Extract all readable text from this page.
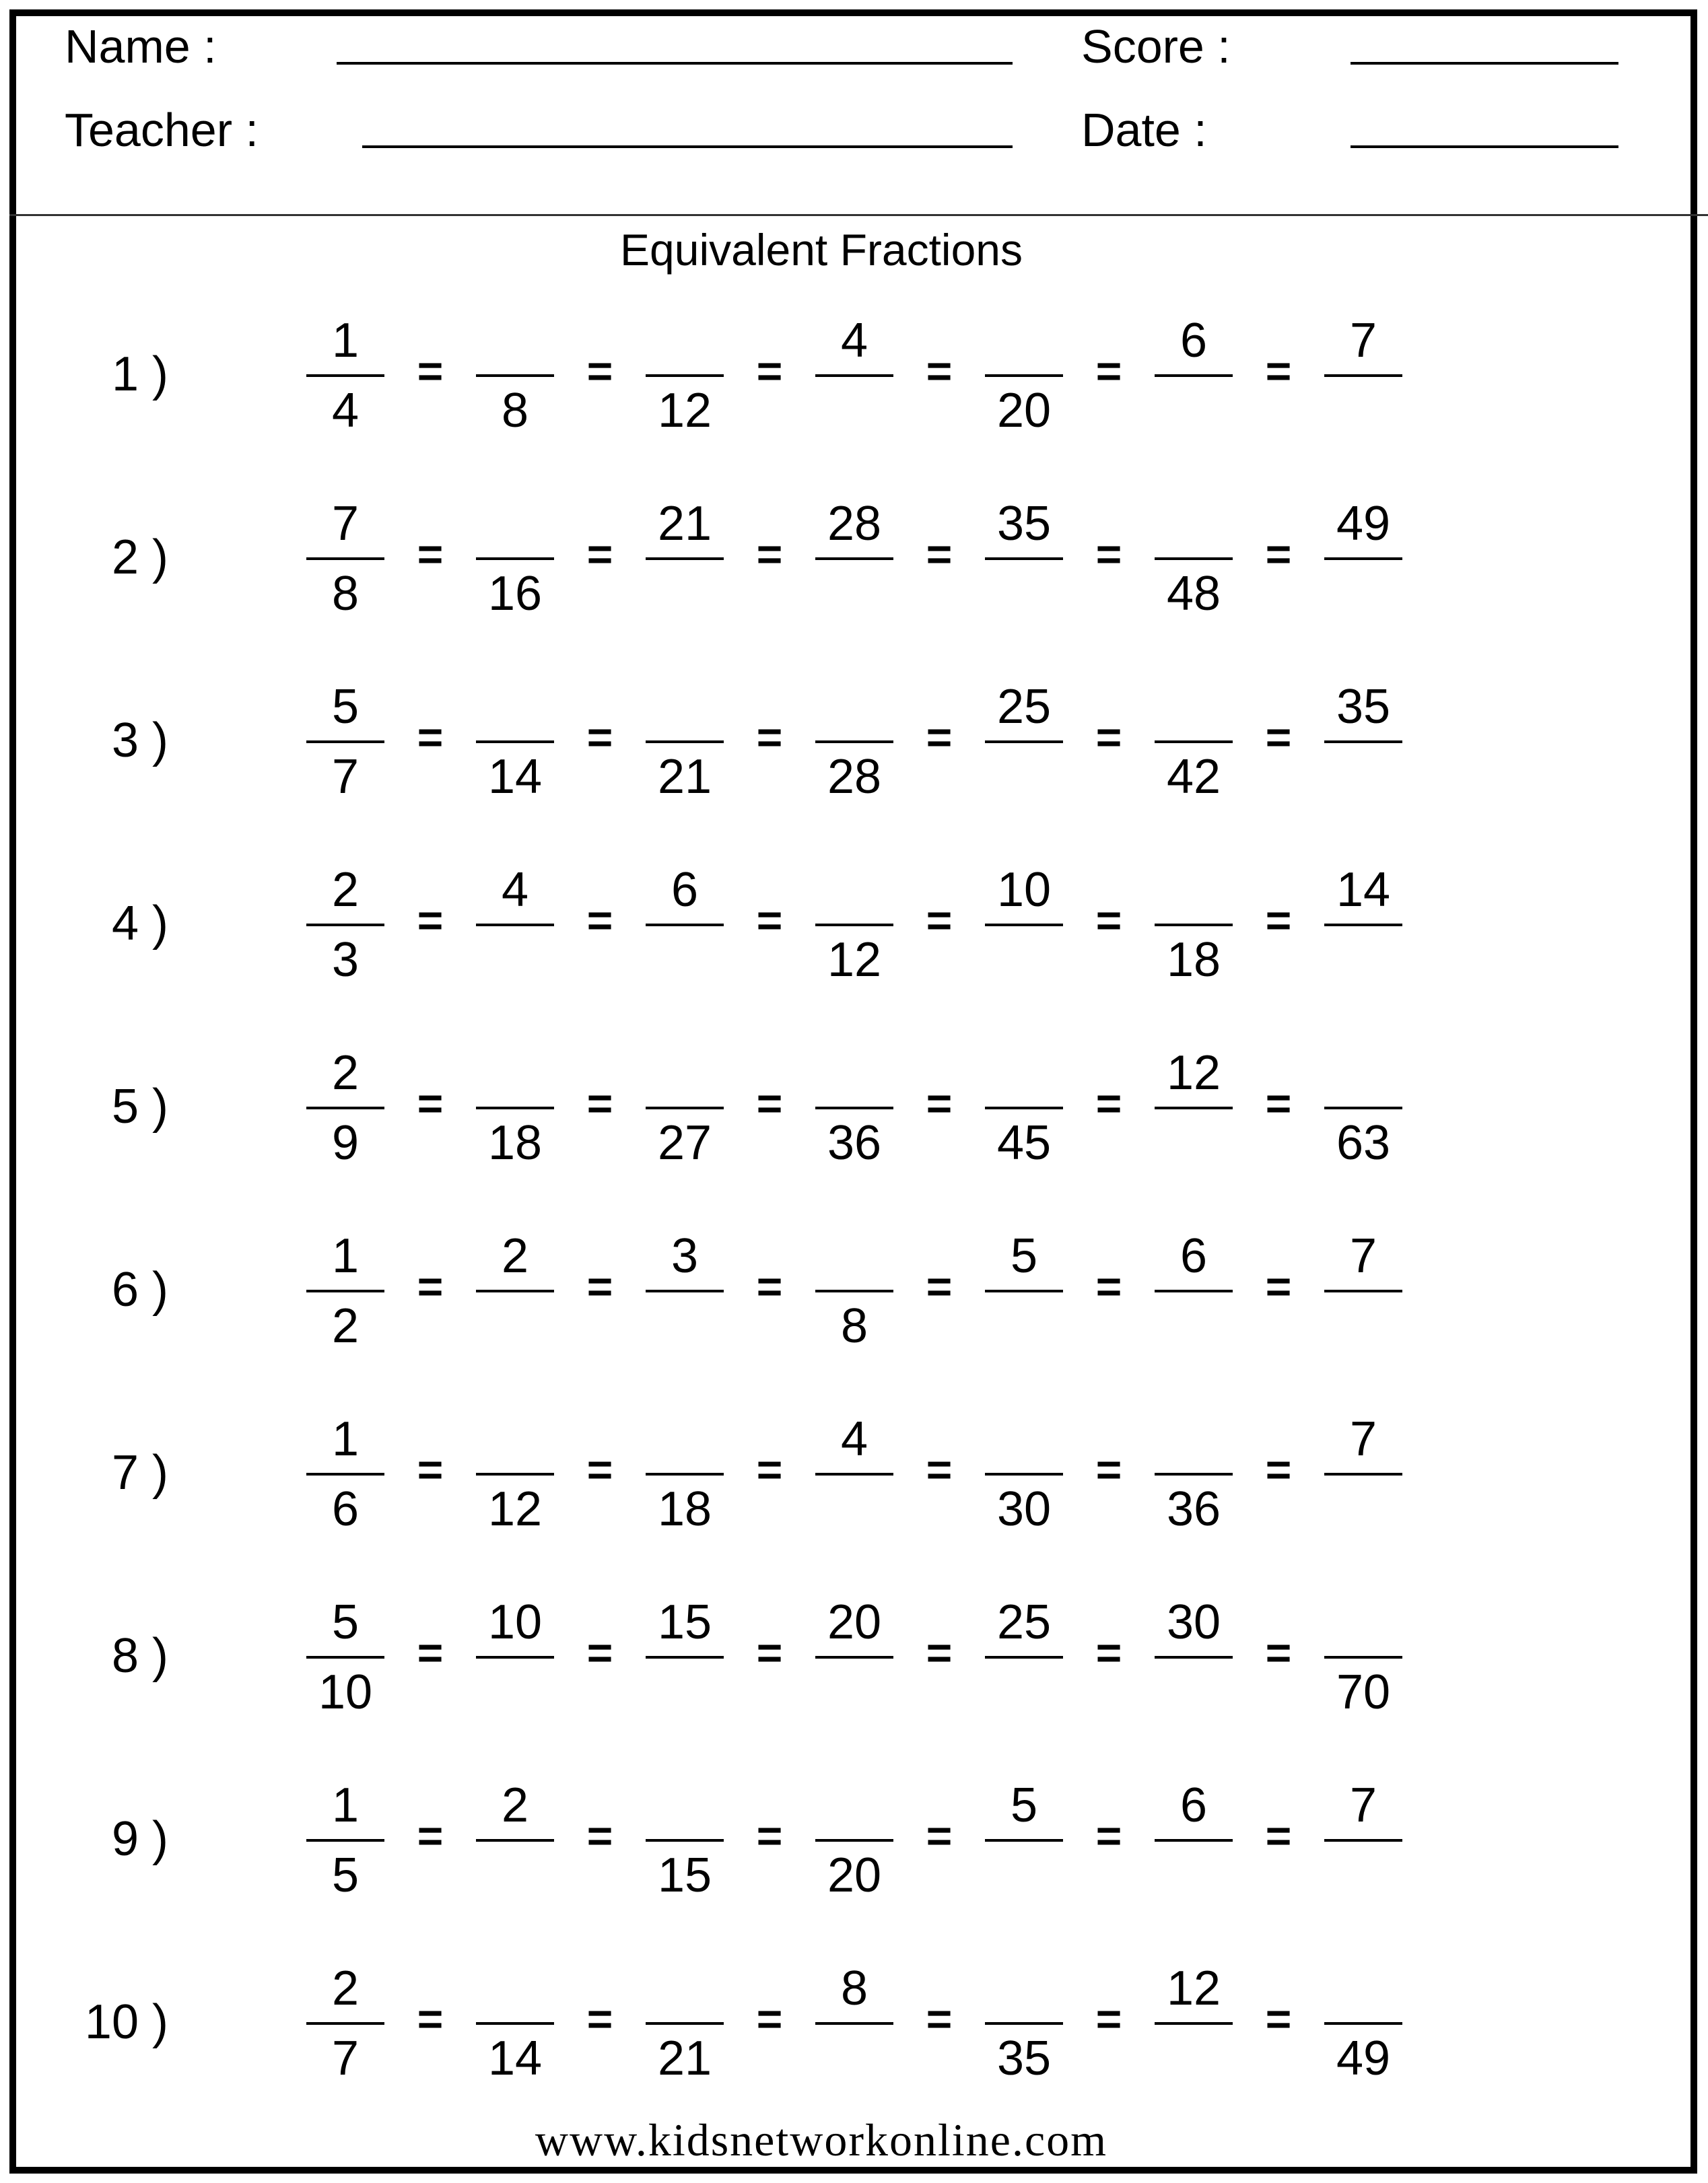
Name :	Score :
Teacher :	Date :
Equivalent Fractions
1 )
1
4
=
8
=
12
=
4
=
20
=
6
=
7
2 )
7
8
=
16
=
21
=
28
=
35
=
48
=
49
3 )
5
7
=
14
=
21
=
28
=
25
=
42
=
35
4 )
2
3
=
4
=
6
=
12
=
10
=
18
=
14
5 )
2
9
=
18
=
27
=
36
=
45
=
12
=
63
6 )
1
2
=
2
=
3
=
8
=
5
=
6
=
7
7 )
1
6
=
12
=
18
=
4
=
30
=
36
=
7
8 )
5
10
=
10
=
15
=
20
=
25
=
30
=
70
9 )
1
5
=
2
=
15
=
20
=
5
=
6
=
7
10 )
2
7
=
14
=
21
=
8
=
35
=
12
=
49
www.kidsnetworkonline.com
